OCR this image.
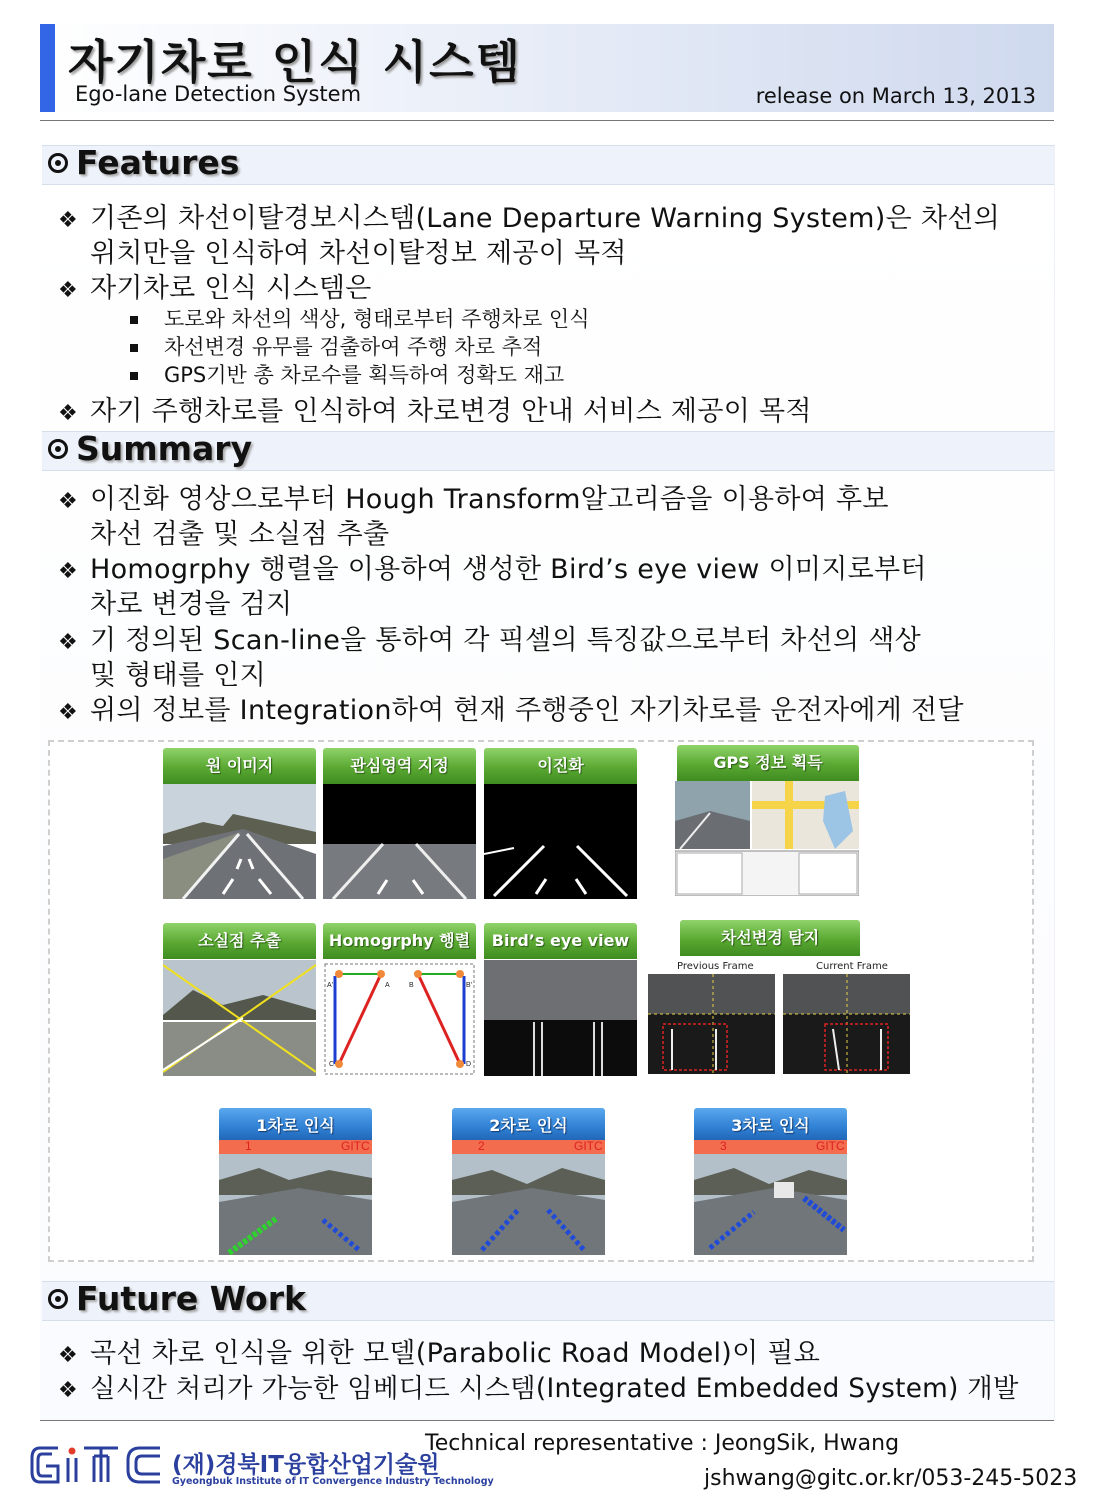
자기차로 인식 시스템
Ego-lane Detection System	release on March 13, 2013
Features
❖ 기존의 차선이탈경보시스템(Lane Departure Warning System)은 차선의
위치만을 인식하여 차선이탈정보 제공이 목적
❖ 자기차로 인식 시스템은
도로와 차선의 색상, 형태로부터 주행차로 인식
차선변경 유무를 검출하여 주행 차로 추적
GPS기반 총 차로수를 획득하여 정확도 재고
❖ 자기 주행차로를 인식하여 차로변경 안내 서비스 제공이 목적
Summary
❖ 이진화 영상으로부터 Hough Transform알고리즘을 이용하여 후보
차선 검출 및 소실점 추출
❖ Homogrphy 행렬을 이용하여 생성한 Bird’s eye view 이미지로부터
차로 변경을 검지
❖ 기 정의된 Scan-line을 통하여 각 픽셀의 특징값으로부터 차선의 색상
및 형태를 인지
❖ 위의 정보를 Integration하여 현재 주행중인 자기차로를 운전자에게 전달
원 이미지	관심영역 지정	이진화	GPS 정보 획득
소실점 추출	Homogrphy 행렬
A'	A	B	B'
C	D
Bird’s eye view	차선변경 탐지
Previous Frame	Current Frame
1차로 인식
1	GITC
2차로 인식
2	GITC
3차로 인식
3	GITC
Future Work
❖ 곡선 차로 인식을 위한 모델(Parabolic Road Model)이 필요
❖ 실시간 처리가 가능한 임베디드 시스템(Integrated Embedded System) 개발
(재)경북IT융합산업기술원
Gyeongbuk Institute of IT Convergence Industry Technology
Technical representative : JeongSik, Hwang
jshwang@gitc.or.kr/053-245-5023
